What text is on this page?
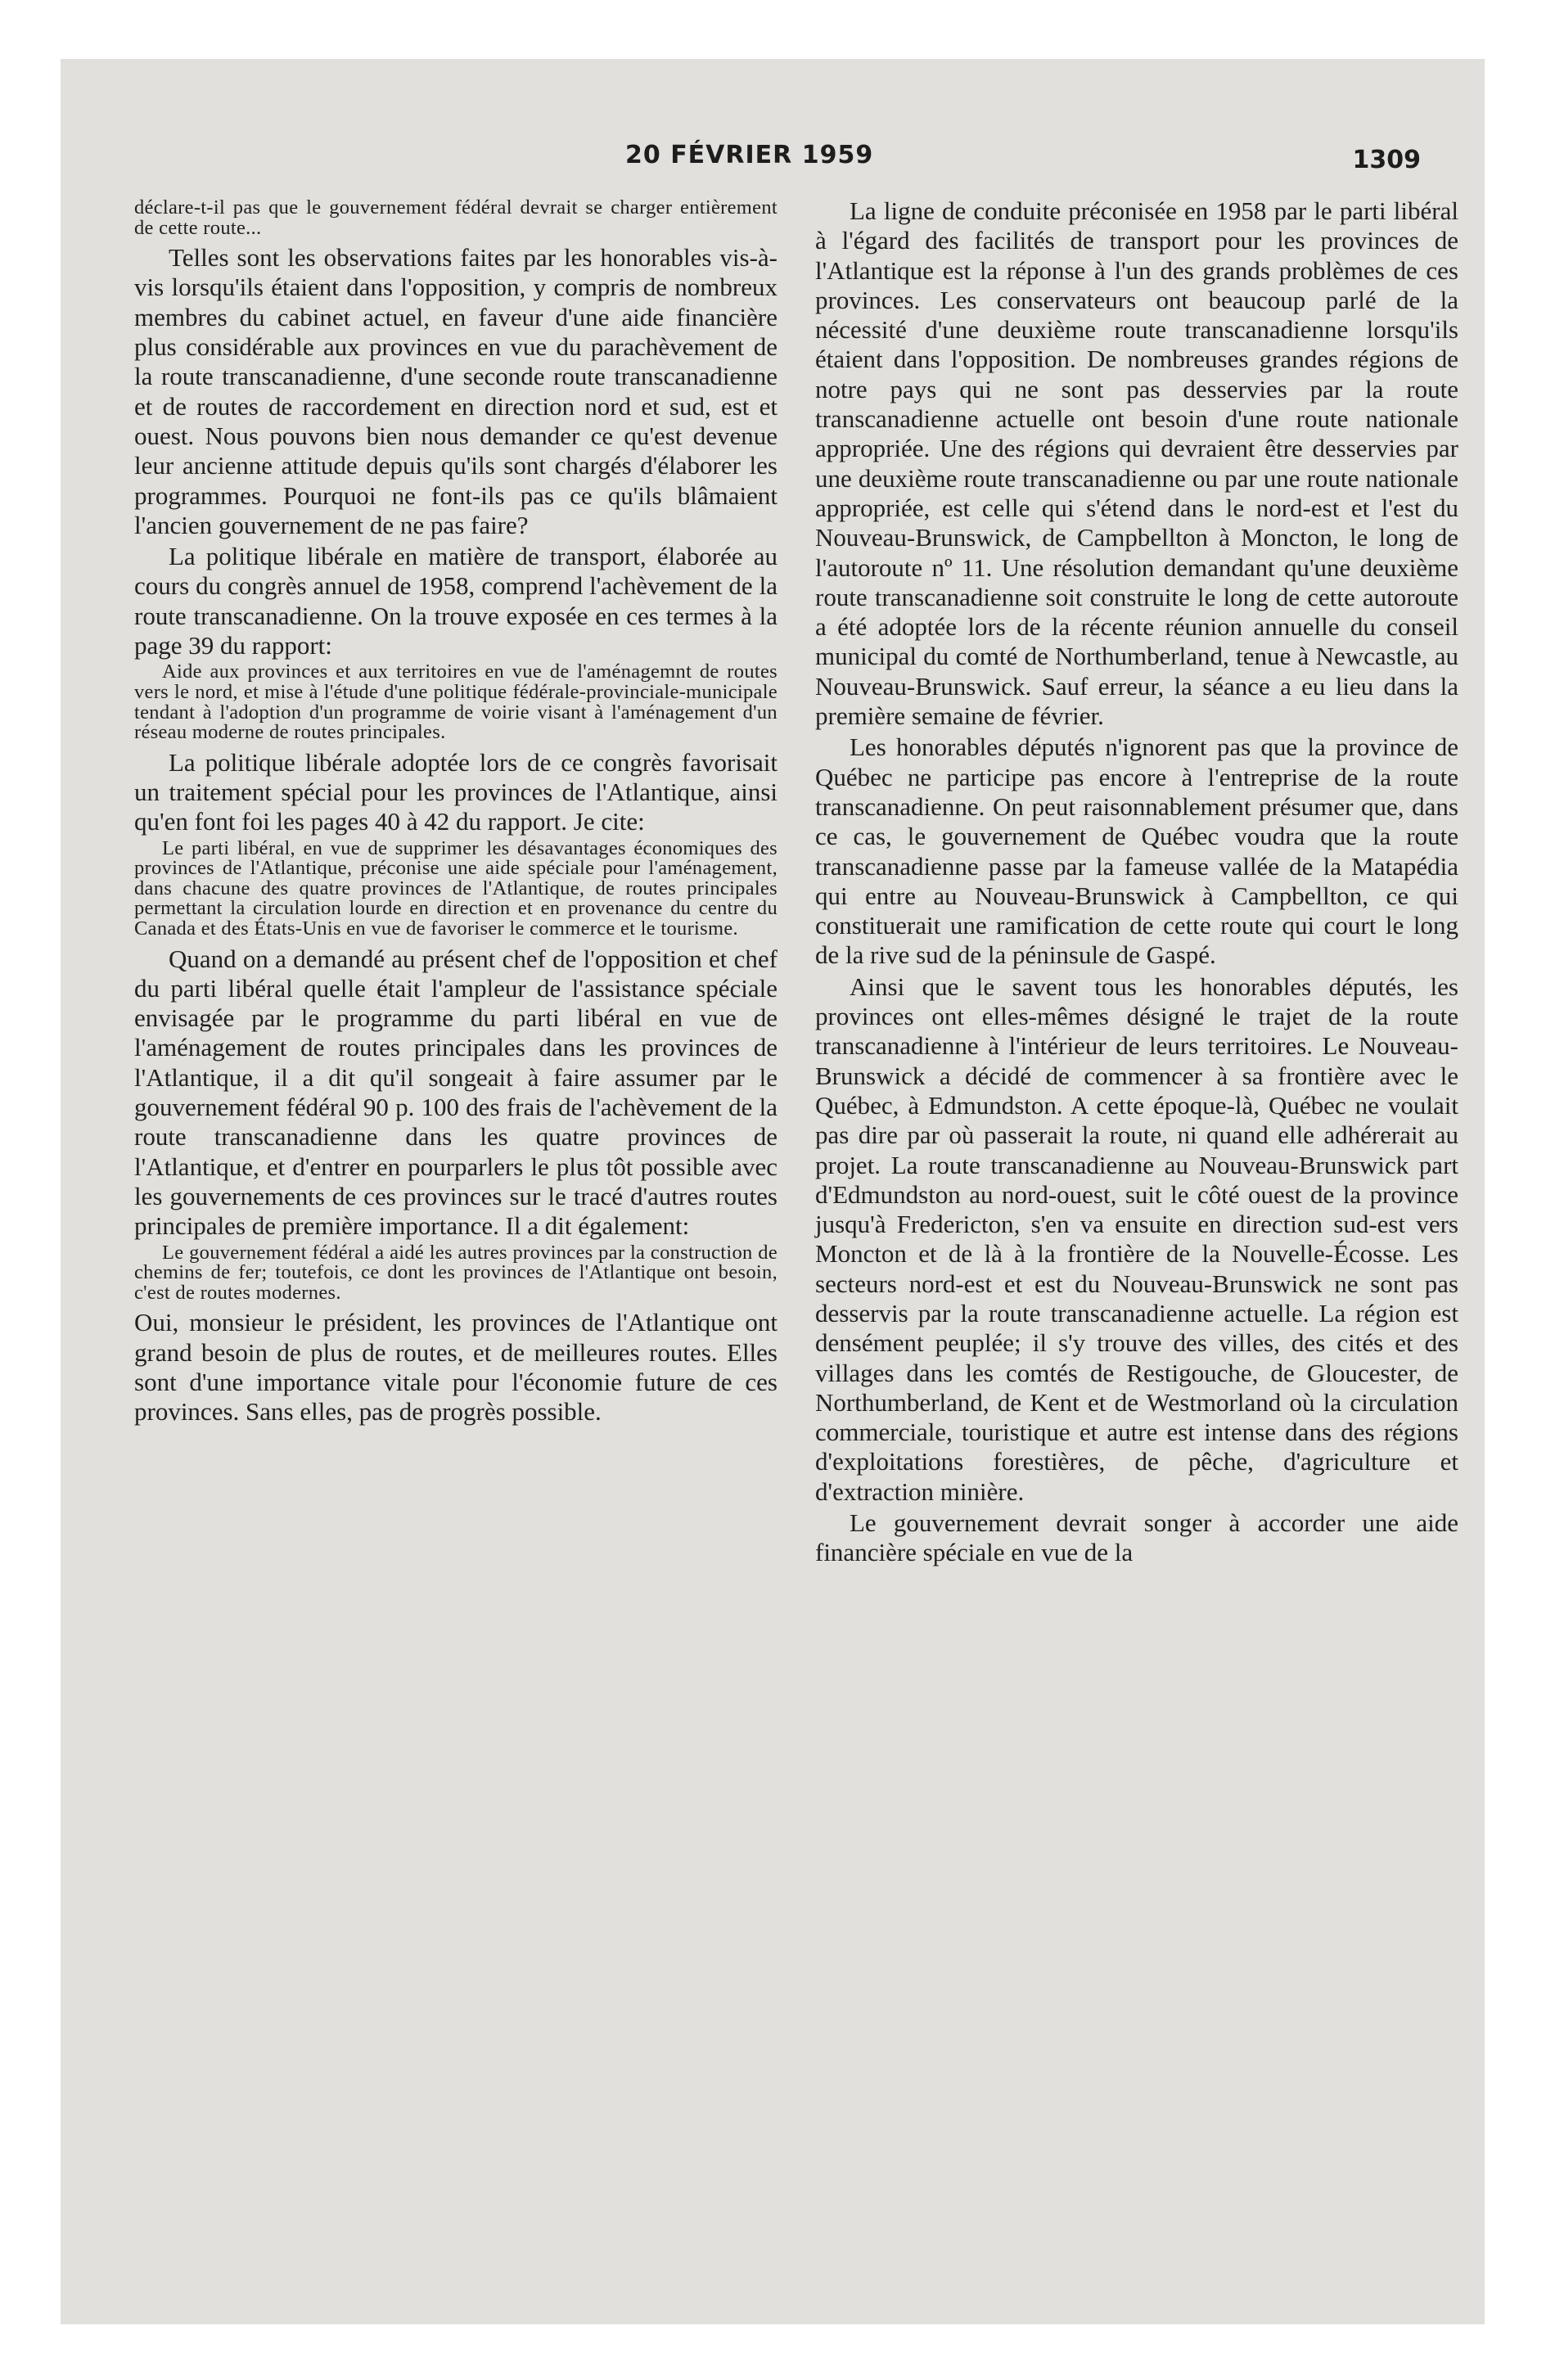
20 FÉVRIER 1959	1309

déclare-t-il pas que le gouvernement fédéral devrait se charger entièrement de cette route...

Telles sont les observations faites par les honorables vis-à-vis lorsqu'ils étaient dans l'opposition, y compris de nombreux membres du cabinet actuel, en faveur d'une aide financière plus considérable aux provinces en vue du parachèvement de la route transcanadienne, d'une seconde route transcanadienne et de routes de raccordement en direction nord et sud, est et ouest. Nous pouvons bien nous demander ce qu'est devenue leur ancienne attitude depuis qu'ils sont chargés d'élaborer les programmes. Pourquoi ne font-ils pas ce qu'ils blâmaient l'ancien gouvernement de ne pas faire?

La politique libérale en matière de transport, élaborée au cours du congrès annuel de 1958, comprend l'achèvement de la route transcanadienne. On la trouve exposée en ces termes à la page 39 du rapport:

Aide aux provinces et aux territoires en vue de l'aménagemnt de routes vers le nord, et mise à l'étude d'une politique fédérale-provinciale-municipale tendant à l'adoption d'un programme de voirie visant à l'aménagement d'un réseau moderne de routes principales.

La politique libérale adoptée lors de ce congrès favorisait un traitement spécial pour les provinces de l'Atlantique, ainsi qu'en font foi les pages 40 à 42 du rapport. Je cite:

Le parti libéral, en vue de supprimer les désavantages économiques des provinces de l'Atlantique, préconise une aide spéciale pour l'aménagement, dans chacune des quatre provinces de l'Atlantique, de routes principales permettant la circulation lourde en direction et en provenance du centre du Canada et des États-Unis en vue de favoriser le commerce et le tourisme.

Quand on a demandé au présent chef de l'opposition et chef du parti libéral quelle était l'ampleur de l'assistance spéciale envisagée par le programme du parti libéral en vue de l'aménagement de routes principales dans les provinces de l'Atlantique, il a dit qu'il songeait à faire assumer par le gouvernement fédéral 90 p. 100 des frais de l'achèvement de la route transcanadienne dans les quatre provinces de l'Atlantique, et d'entrer en pourparlers le plus tôt possible avec les gouvernements de ces provinces sur le tracé d'autres routes principales de première importance. Il a dit également:

Le gouvernement fédéral a aidé les autres provinces par la construction de chemins de fer; toutefois, ce dont les provinces de l'Atlantique ont besoin, c'est de routes modernes.

Oui, monsieur le président, les provinces de l'Atlantique ont grand besoin de plus de routes, et de meilleures routes. Elles sont d'une importance vitale pour l'économie future de ces provinces. Sans elles, pas de progrès possible.

La ligne de conduite préconisée en 1958 par le parti libéral à l'égard des facilités de transport pour les provinces de l'Atlantique est la réponse à l'un des grands problèmes de ces provinces. Les conservateurs ont beaucoup parlé de la nécessité d'une deuxième route transcanadienne lorsqu'ils étaient dans l'opposition. De nombreuses grandes régions de notre pays qui ne sont pas desservies par la route transcanadienne actuelle ont besoin d'une route nationale appropriée. Une des régions qui devraient être desservies par une deuxième route transcanadienne ou par une route nationale appropriée, est celle qui s'étend dans le nord-est et l'est du Nouveau-Brunswick, de Campbellton à Moncton, le long de l'autoroute nº 11. Une résolution demandant qu'une deuxième route transcanadienne soit construite le long de cette autoroute a été adoptée lors de la récente réunion annuelle du conseil municipal du comté de Northumberland, tenue à Newcastle, au Nouveau-Brunswick. Sauf erreur, la séance a eu lieu dans la première semaine de février.

Les honorables députés n'ignorent pas que la province de Québec ne participe pas encore à l'entreprise de la route transcanadienne. On peut raisonnablement présumer que, dans ce cas, le gouvernement de Québec voudra que la route transcanadienne passe par la fameuse vallée de la Matapédia qui entre au Nouveau-Brunswick à Campbellton, ce qui constituerait une ramification de cette route qui court le long de la rive sud de la péninsule de Gaspé.

Ainsi que le savent tous les honorables députés, les provinces ont elles-mêmes désigné le trajet de la route transcanadienne à l'intérieur de leurs territoires. Le Nouveau-Brunswick a décidé de commencer à sa frontière avec le Québec, à Edmundston. A cette époque-là, Québec ne voulait pas dire par où passerait la route, ni quand elle adhérerait au projet. La route transcanadienne au Nouveau-Brunswick part d'Edmundston au nord-ouest, suit le côté ouest de la province jusqu'à Fredericton, s'en va ensuite en direction sud-est vers Moncton et de là à la frontière de la Nouvelle-Écosse. Les secteurs nord-est et est du Nouveau-Brunswick ne sont pas desservis par la route transcanadienne actuelle. La région est densément peuplée; il s'y trouve des villes, des cités et des villages dans les comtés de Restigouche, de Gloucester, de Northumberland, de Kent et de Westmorland où la circulation commerciale, touristique et autre est intense dans des régions d'exploitations forestières, de pêche, d'agriculture et d'extraction minière.

Le gouvernement devrait songer à accorder une aide financière spéciale en vue de la
